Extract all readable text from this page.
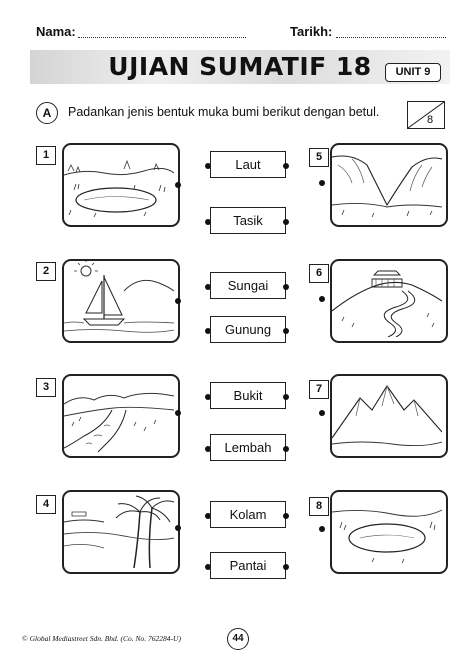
Nama:	Tarikh:
UJIAN SUMATIF 18	UNIT 9
A	Padankan jenis bentuk muka bumi berikut dengan betul.
8
1
2
3
4
Laut
Tasik
Sungai
Gunung
Bukit
Lembah
Kolam
Pantai
5
6
7
8
© Global Mediastreet Sdn. Bhd. (Co. No. 762284-U)	44
